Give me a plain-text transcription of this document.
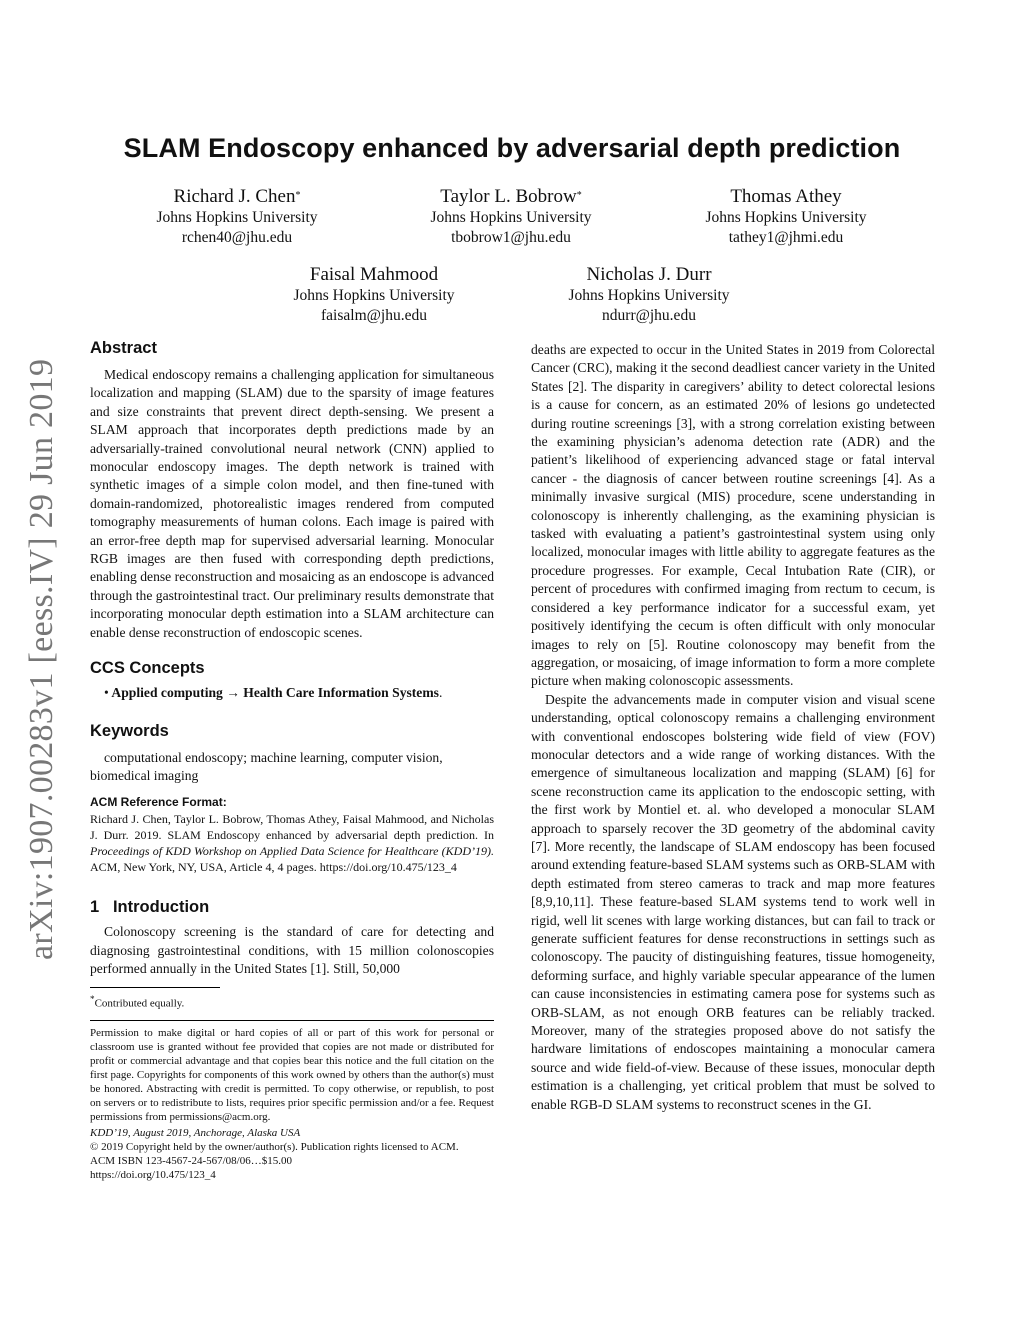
SLAM Endoscopy enhanced by adversarial depth prediction
Richard J. Chen*
Johns Hopkins University
rchen40@jhu.edu
Taylor L. Bobrow*
Johns Hopkins University
tbobrow1@jhu.edu
Thomas Athey
Johns Hopkins University
tathey1@jhmi.edu
Faisal Mahmood
Johns Hopkins University
faisalm@jhu.edu
Nicholas J. Durr
Johns Hopkins University
ndurr@jhu.edu
arXiv:1907.00283v1 [eess.IV] 29 Jun 2019
Abstract

Medical endoscopy remains a challenging application for simultaneous localization and mapping (SLAM) due to the sparsity of image features and size constraints that prevent direct depth-sensing. We present a SLAM approach that incorporates depth predictions made by an adversarially-trained convolutional neural network (CNN) applied to monocular endoscopy images. The depth network is trained with synthetic images of a simple colon model, and then fine-tuned with domain-randomized, photorealistic images rendered from computed tomography measurements of human colons. Each image is paired with an error-free depth map for supervised adversarial learning. Monocular RGB images are then fused with corresponding depth predictions, enabling dense reconstruction and mosaicing as an endoscope is advanced through the gastrointestinal tract. Our preliminary results demonstrate that incorporating monocular depth estimation into a SLAM architecture can enable dense reconstruction of endoscopic scenes.

CCS Concepts
• Applied computing → Health Care Information Systems.
Keywords

computational endoscopy; machine learning, computer vision, biomedical imaging

ACM Reference Format:

Richard J. Chen, Taylor L. Bobrow, Thomas Athey, Faisal Mahmood, and Nicholas J. Durr. 2019. SLAM Endoscopy enhanced by adversarial depth prediction. In Proceedings of KDD Workshop on Applied Data Science for Healthcare (KDD’19). ACM, New York, NY, USA, Article 4, 4 pages. https://doi.org/10.475/123_4

1 Introduction

Colonoscopy screening is the standard of care for detecting and diagnosing gastrointestinal conditions, with 15 million colonoscopies performed annually in the United States [1]. Still, 50,000

*Contributed equally.
Permission to make digital or hard copies of all or part of this work for personal or classroom use is granted without fee provided that copies are not made or distributed for profit or commercial advantage and that copies bear this notice and the full citation on the first page. Copyrights for components of this work owned by others than the author(s) must be honored. Abstracting with credit is permitted. To copy otherwise, or republish, to post on servers or to redistribute to lists, requires prior specific permission and/or a fee. Request permissions from permissions@acm.org.
KDD’19, August 2019, Anchorage, Alaska USA
© 2019 Copyright held by the owner/author(s). Publication rights licensed to ACM.
ACM ISBN 123-4567-24-567/08/06…$15.00
https://doi.org/10.475/123_4

deaths are expected to occur in the United States in 2019 from Colorectal Cancer (CRC), making it the second deadliest cancer variety in the United States [2]. The disparity in caregivers’ ability to detect colorectal lesions is a cause for concern, as an estimated 20% of lesions go undetected during routine screenings [3], with a strong correlation existing between the examining physician’s adenoma detection rate (ADR) and the patient’s likelihood of experiencing advanced stage or fatal interval cancer - the diagnosis of cancer between routine screenings [4]. As a minimally invasive surgical (MIS) procedure, scene understanding in colonoscopy is inherently challenging, as the examining physician is tasked with evaluating a patient’s gastrointestinal system using only localized, monocular images with little ability to aggregate features as the procedure progresses. For example, Cecal Intubation Rate (CIR), or percent of procedures with confirmed imaging from rectum to cecum, is considered a key performance indicator for a successful exam, yet positively identifying the cecum is often difficult with only monocular images to rely on [5]. Routine colonoscopy may benefit from the aggregation, or mosaicing, of image information to form a more complete picture when making colonoscopic assessments.

Despite the advancements made in computer vision and visual scene understanding, optical colonoscopy remains a challenging environment with conventional endoscopes bolstering wide field of view (FOV) monocular detectors and a wide range of working distances. With the emergence of simultaneous localization and mapping (SLAM) [6] for scene reconstruction came its application to the endoscopic setting, with the first work by Montiel et. al. who developed a monocular SLAM approach to sparsely recover the 3D geometry of the abdominal cavity [7]. More recently, the landscape of SLAM endoscopy has been focused around extending feature-based SLAM systems such as ORB-SLAM with depth estimated from stereo cameras to track and map more features [8,9,10,11]. These feature-based SLAM systems tend to work well in rigid, well lit scenes with large working distances, but can fail to track or generate sufficient features for dense reconstructions in settings such as colonoscopy. The paucity of distinguishing features, tissue homogeneity, deforming surface, and highly variable specular appearance of the lumen can cause inconsistencies in estimating camera pose for systems such as ORB-SLAM, as not enough ORB features can be reliably tracked. Moreover, many of the strategies proposed above do not satisfy the hardware limitations of endoscopes maintaining a monocular camera source and wide field-of-view. Because of these issues, monocular depth estimation is a challenging, yet critical problem that must be solved to enable RGB-D SLAM systems to reconstruct scenes in the GI.
